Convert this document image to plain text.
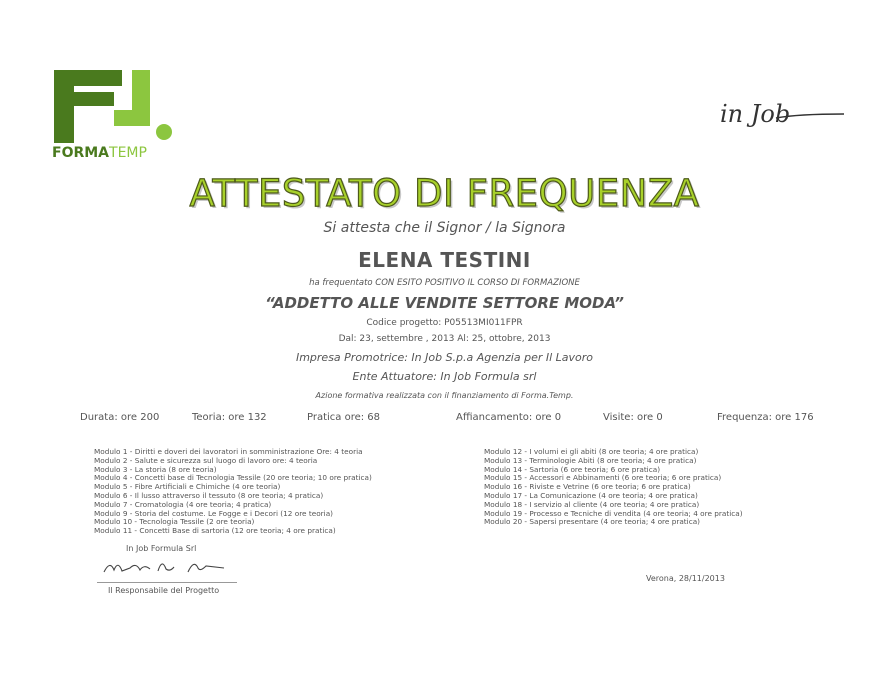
FORMATEMP
in Job
ATTESTATO DI FREQUENZA
Si attesta che il Signor / la Signora
ELENA TESTINI
ha frequentato CON ESITO POSITIVO IL CORSO DI FORMAZIONE
“ADDETTO ALLE VENDITE SETTORE MODA”
Codice progetto: P05513MI011FPR
Dal: 23, settembre , 2013 Al: 25, ottobre, 2013
Impresa Promotrice: In Job S.p.a Agenzia per Il Lavoro
Ente Attuatore: In Job Formula srl
Azione formativa realizzata con il finanziamento di Forma.Temp.
Durata: ore 200	Teoria: ore 132	Pratica ore: 68	Affiancamento: ore 0	Visite: ore 0	Frequenza: ore 176
Modulo 1 - Diritti e doveri dei lavoratori in somministrazione Ore: 4 teoria
Modulo 2 - Salute e sicurezza sul luogo di lavoro ore: 4 teoria
Modulo 3 - La storia (8 ore teoria)
Modulo 4 - Concetti base di Tecnologia Tessile (20 ore teoria; 10 ore pratica)
Modulo 5 - Fibre Artificiali e Chimiche (4 ore teoria)
Modulo 6 - Il lusso attraverso il tessuto (8 ore teoria; 4 pratica)
Modulo 7 - Cromatologia (4 ore teoria; 4 pratica)
Modulo 9 - Storia del costume. Le Fogge e i Decori (12 ore teoria)
Modulo 10 - Tecnologia Tessile (2 ore teoria)
Modulo 11 - Concetti Base di sartoria (12 ore teoria; 4 ore pratica)
Modulo 12 - I volumi ei gli abiti (8 ore teoria; 4 ore pratica)
Modulo 13 - Terminologie Abiti (8 ore teoria; 4 ore pratica)
Modulo 14 - Sartoria (6 ore teoria; 6 ore pratica)
Modulo 15 - Accessori e Abbinamenti (6 ore teoria; 6 ore pratica)
Modulo 16 - Riviste e Vetrine (6 ore teoria; 6 ore pratica)
Modulo 17 - La Comunicazione (4 ore teoria; 4 ore pratica)
Modulo 18 - I servizio al cliente (4 ore teoria; 4 ore pratica)
Modulo 19 - Processo e Tecniche di vendita (4 ore teoria; 4 ore pratica)
Modulo 20 - Sapersi presentare (4 ore teoria; 4 ore pratica)
In Job Formula Srl
Il Responsabile del Progetto
Verona, 28/11/2013
